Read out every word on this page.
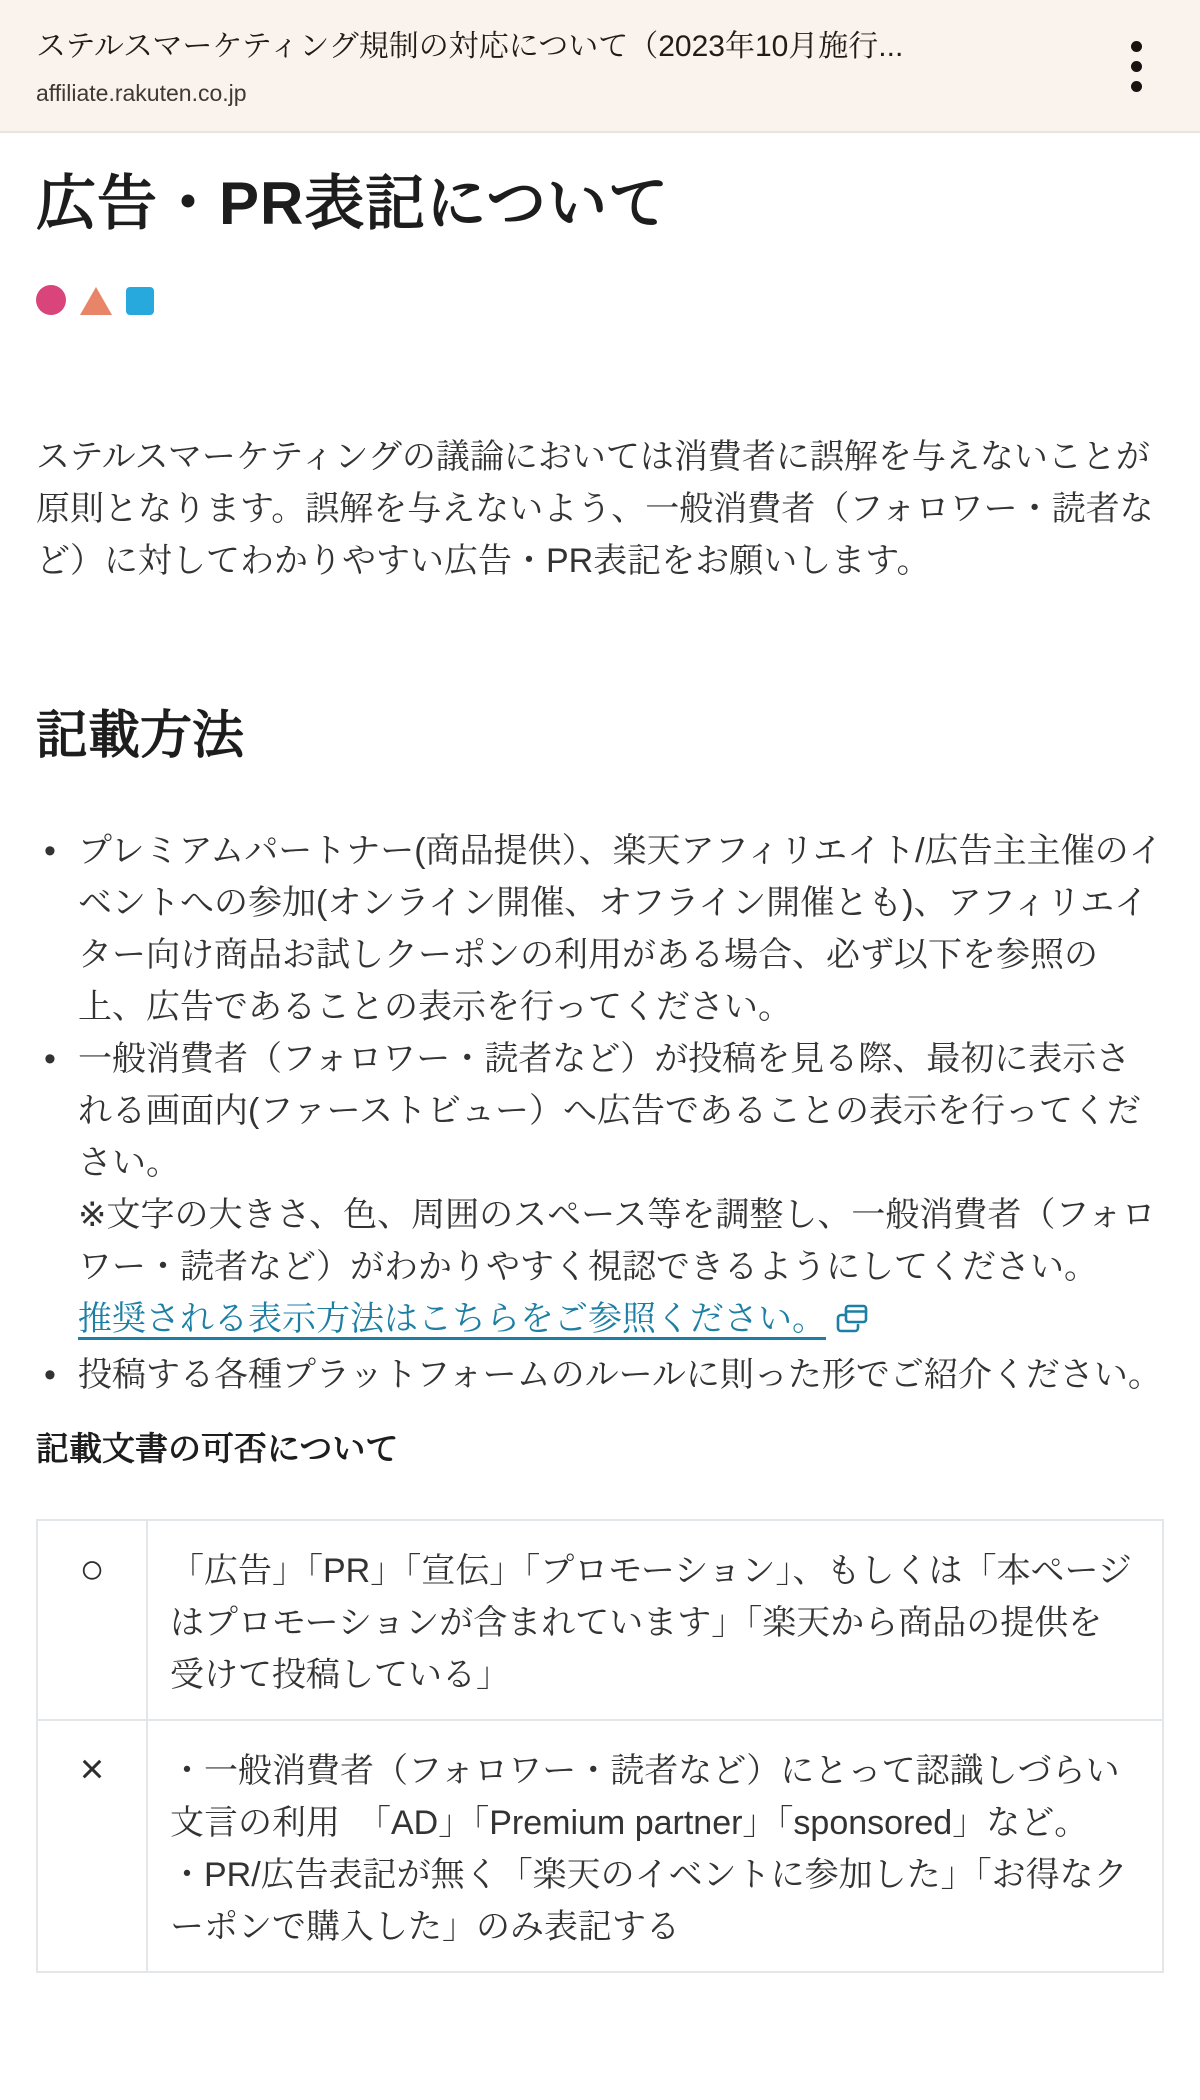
ステルスマーケティング規制の対応について（2023年10月施行...
affiliate.rakuten.co.jp
広告・PR表記について

ステルスマーケティングの議論においては消費者に誤解を与えないことが原則となります。誤解を与えないよう、一般消費者（フォロワー・読者など）に対してわかりやすい広告・PR表記をお願いします。

記載方法
• プレミアムパートナー(商品提供）、楽天アフィリエイト/広告主主催のイベントへの参加(オンライン開催、オフライン開催とも)、アフィリエイター向け商品お試しクーポンの利用がある場合、必ず以下を参照の上、広告であることの表示を行ってください。
• 一般消費者（フォロワー・読者など）が投稿を見る際、最初に表示される画面内(ファーストビュー）へ広告であることの表示を行ってください。
※文字の大きさ、色、周囲のスペース等を調整し、一般消費者（フォロワー・読者など）がわかりやすく視認できるようにしてください。
推奨される表示方法はこちらをご参照ください。
• 投稿する各種プラットフォームのルールに則った形でご紹介ください。
記載文書の可否について
○	「広告」「PR」「宣伝」「プロモーション」、もしくは「本ページはプロモーションが含まれています」「楽天から商品の提供を受けて投稿している」

×	・一般消費者（フォロワー・読者など）にとって認識しづらい文言の利用　「AD」「Premium partner」「sponsored」など。
・PR/広告表記が無く「楽天のイベントに参加した」「お得なクーポンで購入した」のみ表記する
